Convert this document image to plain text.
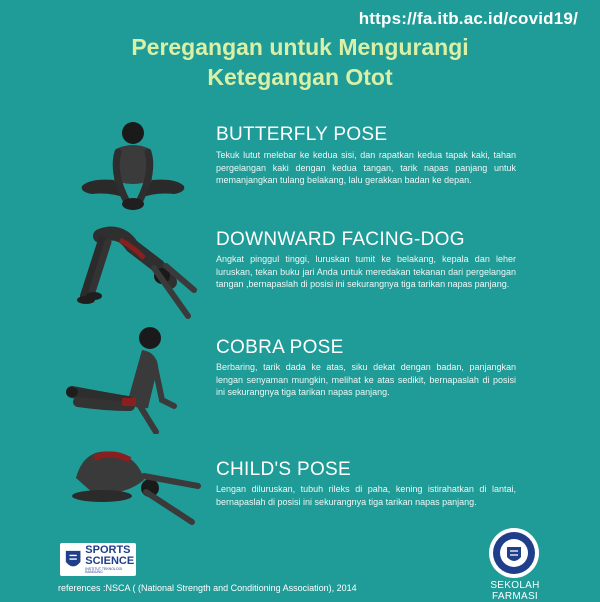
https://fa.itb.ac.id/covid19/
Peregangan untuk Mengurangi
Ketegangan Otot
BUTTERFLY POSE

Tekuk lutut melebar ke kedua sisi, dan rapatkan kedua tapak kaki, tahan pergelangan kaki dengan kedua tangan, tarik napas panjang untuk memanjangkan tulang belakang, lalu gerakkan badan ke depan.

DOWNWARD FACING-DOG

Angkat pinggul tinggi, luruskan tumit ke belakang, kepala dan leher luruskan, tekan buku jari Anda untuk meredakan tekanan dari pergelangan tangan ,bernapaslah di posisi ini sekurangnya tiga tarikan napas panjang.

COBRA POSE

Berbaring, tarik dada ke atas, siku dekat dengan badan, panjangkan lengan senyaman mungkin, melihat ke atas sedikit, bernapaslah di posisi ini sekurangnya tiga tarikan napas panjang.

CHILD'S POSE

Lengan diluruskan, tubuh rileks di paha, kening istirahatkan di lantai, bernapaslah di posisi ini sekurangnya tiga tarikan napas panjang.

SPORTS
SCIENCE
INSTITUT TEKNOLOGI BANDUNG
references :NSCA ( (National Strength and Conditioning Association), 2014	SEKOLAH FARMASI
